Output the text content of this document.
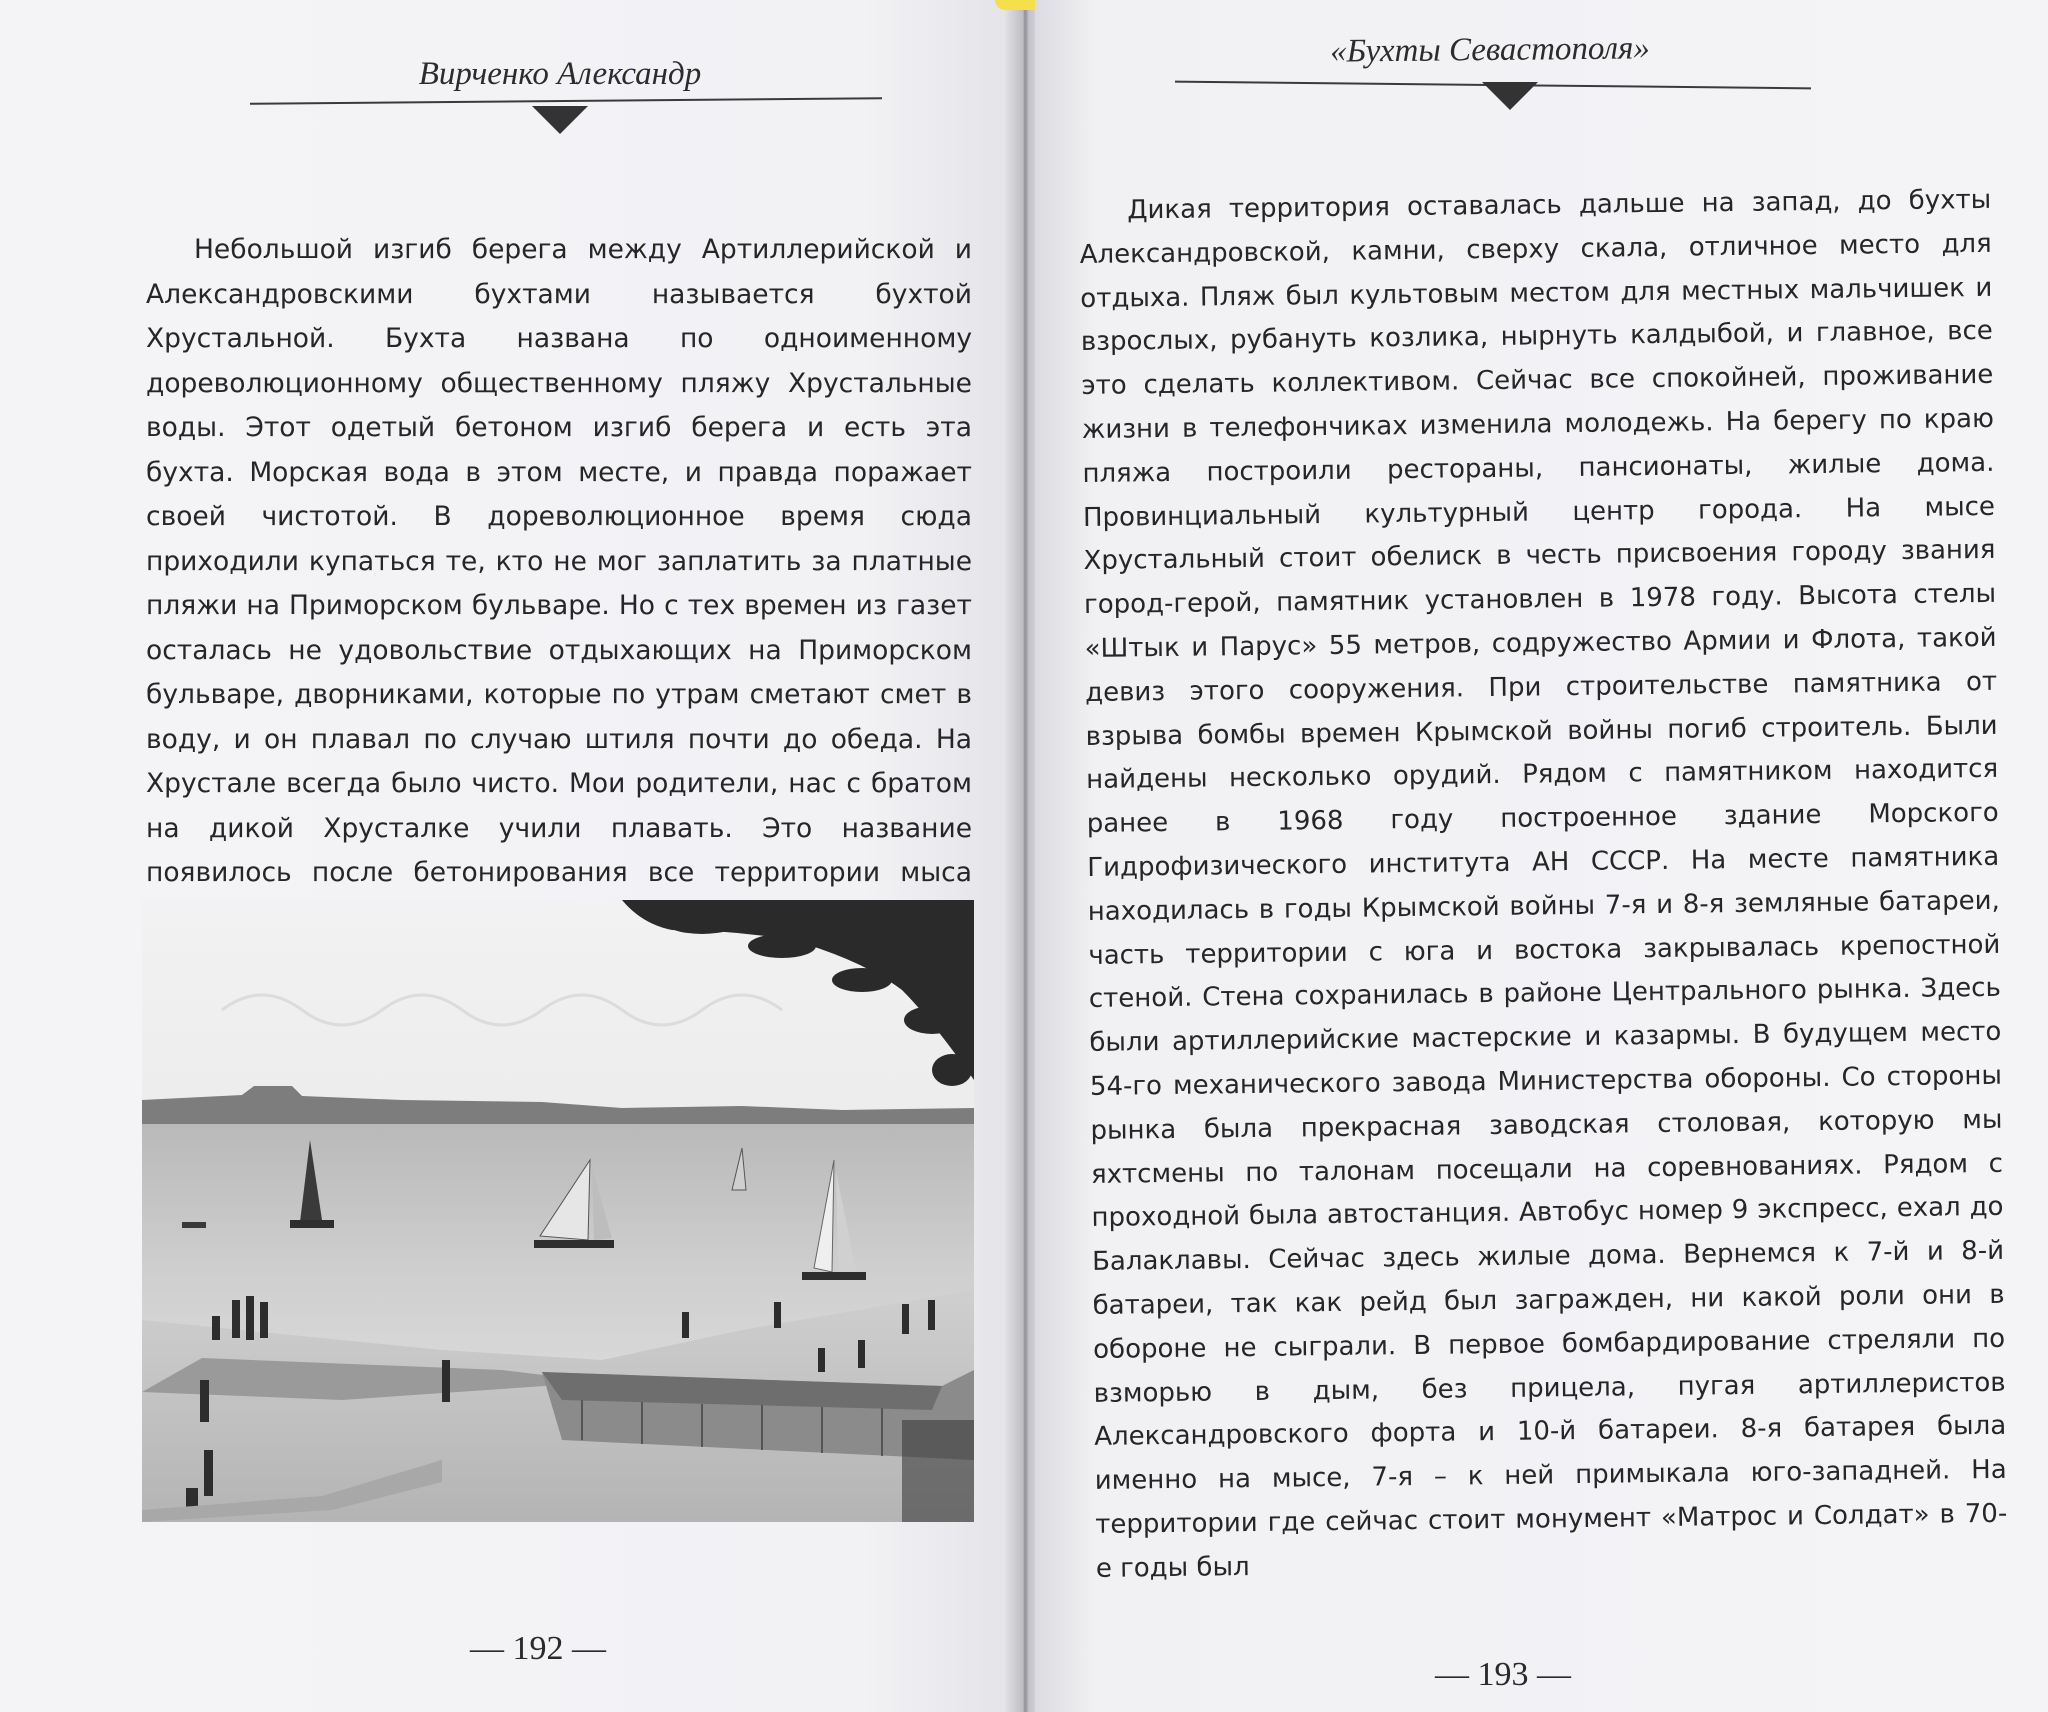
Вирченко Александр

Небольшой изгиб берега между Артиллерийской и Александровскими бухтами называется бухтой Хрустальной. Бухта названа по одноименному дореволюционному общественному пляжу Хрустальные воды. Этот одетый бетоном изгиб берега и есть эта бухта. Морская вода в этом месте, и правда поражает своей чистотой. В дореволюционное время сюда приходили купаться те, кто не мог заплатить за платные пляжи на Приморском бульваре. Но с тех времен из газет осталась не удовольствие отдыхающих на Приморском бульваре, дворниками, которые по утрам сметают смет в воду, и он плавал по случаю штиля почти до обеда. На Хрустале всегда было чисто. Мои родители, нас с братом на дикой Хрусталке учили плавать. Это название появилось после бетонирования все территории мыса

— 192 —
«Бухты Севастополя»

Дикая территория оставалась дальше на запад, до бухты Александровской, камни, сверху скала, отличное место для отдыха. Пляж был культовым местом для местных мальчишек и взрослых, рубануть козлика, нырнуть калдыбой, и главное, все это сделать коллективом. Сейчас все спокойней, проживание жизни в телефончиках изменила молодежь. На берегу по краю пляжа построили рестораны, пансионаты, жилые дома. Провинциальный культурный центр города. На мысе Хрустальный стоит обелиск в честь присвоения городу звания город-герой, памятник установлен в 1978 году. Высота стелы «Штык и Парус» 55 метров, содружество Армии и Флота, такой девиз этого сооружения. При строительстве памятника от взрыва бомбы времен Крымской войны погиб строитель. Были найдены несколько орудий. Рядом с памятником находится ранее в 1968 году построенное здание Морского Гидрофизического института АН СССР. На месте памятника находилась в годы Крымской войны 7-я и 8-я земляные батареи, часть территории с юга и востока закрывалась крепостной стеной. Стена сохранилась в районе Центрального рынка. Здесь были артиллерийские мастерские и казармы. В будущем место 54-го механического завода Министерства обороны. Со стороны рынка была прекрасная заводская столовая, которую мы яхтсмены по талонам посещали на соревнованиях. Рядом с проходной была автостанция. Автобус номер 9 экспресс, ехал до Балаклавы. Сейчас здесь жилые дома. Вернемся к 7-й и 8-й батареи, так как рейд был загражден, ни какой роли они в обороне не сыграли. В первое бомбардирование стреляли по взморью в дым, без прицела, пугая артиллеристов Александровского форта и 10-й батареи. 8-я батарея была именно на мысе, 7-я – к ней примыкала юго-западней. На территории где сейчас стоит монумент «Матрос и Солдат» в 70-е годы был

— 193 —
